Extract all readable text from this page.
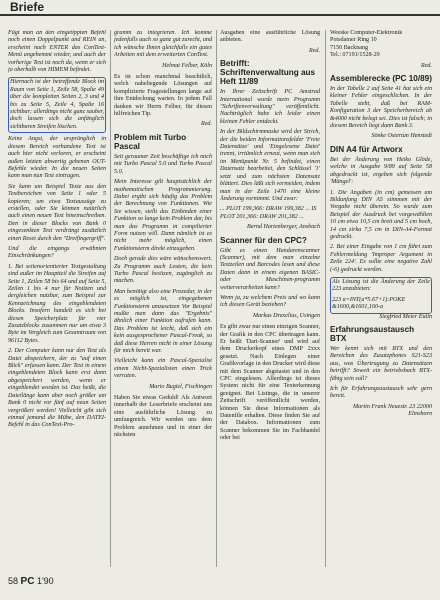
Briefe

Fügt man an den eingetippten Befehl noch einen Doppelpunkt und REIN an, erscheint nach ENTER das ConText-Menü ungehemmt wieder, und auch der vorherige Text ist noch da, wenn er sich ja oberhalb von HIMEM befindet.

Hiernach ist der betreffende Block im Raum von Seite 1, Zeile 58, Spalte 49 über die kompletten Seiten 2, 3 und 4 bis zu Seite 5, Zeile 4, Spalte 16 sichtbar; allerdings nicht ganz sauber, doch lassen sich die anfänglich sichtbaren Streifen löschen.

Keine Angst, der ursprünglich in diesem Bereich vorhandene Text ist auch hier nicht verloren, er erscheint außen letzten abwertig gebenen OUT-Befehle wieder. In die neuen Seiten kann man nun Text eintragen.

Sie kann um Beispiel Texte aus den Textbereichen von Seite 1 oder 5 kopieren; um etwa Textauszüge zu erstellen, oder Sie können natürlich auch einen neuen Text hineinschreiben. Den in dieser Blocks von Bank 0 eingesenkten Text verdrängt zusätzlich einen Reset durch den "Dreifingergriff".

Und die eingangs erwähnten Einschränkungen?

1. Bei seitenorientierter Textgestaltung sind außer im Hauptteil die Streifen auf Seite 1, Zeilen 58 bis 64 und auf Seite 5, Zeilen 1 bis 4 nur für Notizen und dergleichen nutzbar, zum Beispiel zur Kennzeichnung des eingeblendeten Blocks. Insofern handelt es sich bei diesen Speicherplatz für vier Zusatzblocks zusammen nur um etwa 3 Byte im Vergleich zum Gesamtraum von 96112 Bytes.

2. Der Computer kann nur den Text als Datei abspeichern, der zu "auf einen Blick" erfassen kann. Der Text in einem eingeblendeten Block kann erst dann abgespeichert werden, wenn er eingeblendet worden ist. Das heißt, die Dateilänge kann aber noch größer um Bank 0 nicht vor fünf auf neun Seiten vergrößert werden! Vielleicht gibt sich einmal jemand die Mühe, den DATEI-Befehl in das ConText-Pro-

gramm zu integrieren. Ich komme jedenfalls auch so ganz gut zurecht, und ich wünsche Ihnen gleichfalls ein gutes Arbeiten mit dem erweiterten ConText.

Helmut Felber, Köln

Es ist schon manchmal beachtlich, welch naheliegende Lösungen auf komplizierte Fragestellungen lange auf ihre Entdeckung warten. In jedem Fall danken wir Herrn Felber, für diesen hilfreichen Tip.

Red.
Problem mit Turbo Pascal

Seit geraumer Zeit beschäftige ich mich mit Turbo Pascal 5.0 und Turbo Pascal 5.0.

Mein Interesse gilt hauptsächlich der mathematischen Programmierung. Dabei ergibt sich häufig das Problem der Berechnung von Funktionen. Wie Sie wissen, stellt das Einbinden einer Funktion so lange kein Problem dar, bis man das Programm in compilierter Form nutzen will. Dann nämlich ist es nicht mehr möglich, einen Funktionsterm direkt einzugeben.

Doch gerade dies wäre wünschenswert. Zu Programm auch Leuten, die kein Turbo Pascal besitzen, zugänglich zu machen.

Man benötigt also eine Prozedur, in der es möglich ist, eingegebenen Funktionsterm umzusetzen Vor Beispiel mußte man dann das "Ergebnis" ähnlich einer Funktion aufrufen kann. Das Problem ist leicht, daß sich ein kein ausgesprochener Pascal-Freak, so daß diese Herren nicht in einer Lösung für mich bereit war.

Vielleicht kann ein Pascal-Spezialist einem Nicht-Spezialisten einen Trick verraten.

Mario Bugiel, Fischingen

Haben Sie etwas Geduld! Als Antwort innerhalb der Leserbriefe erscheint uns eine ausführliche Lösung zu umfangreich. Wir werden uns dem Problem annehmen und in einer der nächsten

Ausgaben eine ausführliche Lösung anbieten.

Red.
Betrifft: Schriftenverwaltung aus Heft 11/89

In Ihrer Zeitschrift PC Amstrad International wurde mein Programm "Schriftenverwaltung" veröffentlicht. Nachträglich habe ich leider einen kleinen Fehler entdeckt.

In der Bildschirmmaske wird der Strich, der die beiden Informationsfelder 'Freie Datensätze' und 'Eingelesene Datei' trennt, irrtümlich erneut, wenn man sich im Menüpunkt Nr. 5 befindet, einen Datensatz bearbeitet, den Schlüssel '1' setzt und zum nächsten Datensatz blättert. Dies läßt sich vermeiden, indem man in der Zeile 1470 eine kleine Änderung vornimmt. Und zwar:

... PLOT 199,366: DRAW 199,382 ... IS PLOT 201,366: DRAW 201,382 ...

Bernd Hartenberger, Ansbach
Scanner für den CPC?

Gibt es einen Handarenscanner (Scanner), mit dem man einzelne Textzeilen und Barcodes lesen und diese Daten dann in einem eigenen BASIC- oder Maschinen-programm weiterverarbeiten kann?

Wenn ja, zu welchem Preis und wo kann ich diesen Gerät beziehen?

Markus Drexelius, Usingen

Es gibt zwar nur einen einzigen Scanner, der Grafik in den CPC übertragen kann. Er heißt 'Dart-Scanner' und wird auf dem Druckerkopf eines DMP 2xxx gesetzt. Nach Einlegen einer Grafikvorlage in den Drucker wird diese mit dem Scanner abgetastet und in den CPC eingelesen. Allerdings ist dieses System nicht für eine Texterkennung geeignet. Bei Listings, die in unserer Zeitschrift veröffentlicht werden, können Sie diese Informationen als Datenfile erhalten. Diese finden Sie auf der Databox. Informationen zum Scanner bekommen Sie im Fachhandel oder bei

Weeske Computer-Elektronik
Potsdamer Ring 10
7150 Backnang
Tel.: 07191/1528-29

Red.
Assemblerecke (PC 10/89)

In der Tabelle 2 auf Seite 41 hat sich ein kleiner Fehler eingeschlichen. In der Tabelle steht, daß bei RAM-Konfiguration 3 der Speicherbereich ab &4000 nicht belegt sei. Dies ist falsch; in diesem Bereich liegt dann Bank 3.

Sönke Ostertun Henstedt
DIN A4 für Artworx

Bei der Änderung von Heiko Glöde, welche in Ausgabe 9/89 auf Seite 58 abgedruckt ist, ergeben sich folgende 'Mängel':

1. Die Angaben (in cm) gemessen am Bildanfang DIN A5 stimmen mit der Vorgabe nicht überein. So wurde zum Beispiel der Ausdruck bei vorgewählten 10 cm etwa 10,5 cm breit und 5 cm hoch, 14 cm zirka 7,5 cm in DIN-A4-Format gedruckt.

2. Bei einer Eingabe von 1 cm führt zum Fehlermeldung 'Improper Argument in Zeile 224'. Es sollte eine negative Zahl (-6) gedruckt werden.

Als Lösung ist die Änderung der Zeile 223 anzubieten:

223 a=INT(a*5.67+1):POKE &1600,&1601,160-a

Siegfried Meier Eutin
Erfahrungsaustausch BTX

Wer kennt sich mit BTX und den Bereichen des Zusatzphones S21-S23 aus, was Übertragung zu Datensätzen betrifft? Soweit ein betriebsbach BTX-fähig sein soll?

Ich für Erfahrungsaustausch sehr gern bereit.

Martin Frank Neuestr. 23 22000 Elmshorn
58 PC 1'90
